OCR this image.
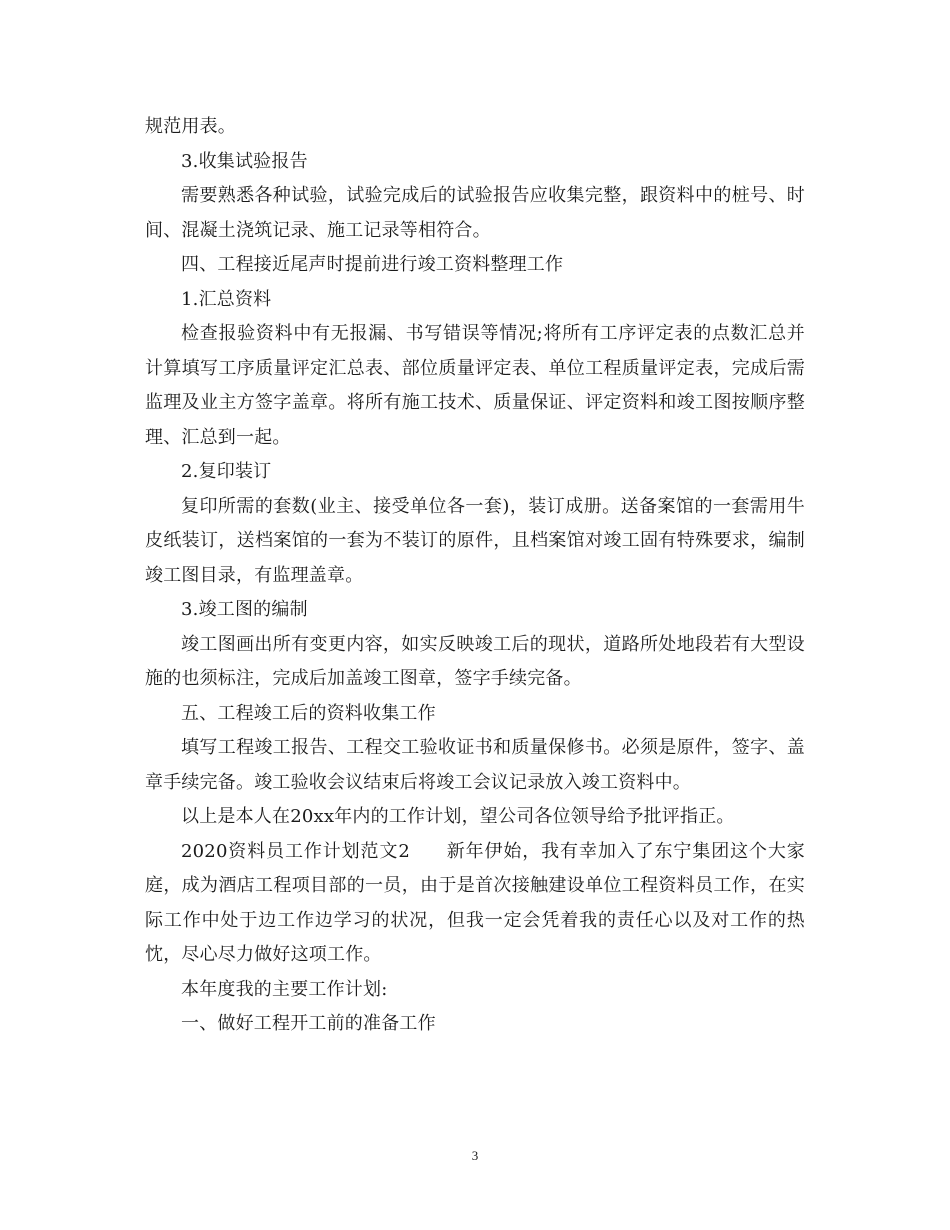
规范用表。

3.收集试验报告

需要熟悉各种试验，试验完成后的试验报告应收集完整，跟资料中的桩号、时间、混凝土浇筑记录、施工记录等相符合。

四、工程接近尾声时提前进行竣工资料整理工作

1.汇总资料

检查报验资料中有无报漏、书写错误等情况;将所有工序评定表的点数汇总并计算填写工序质量评定汇总表、部位质量评定表、单位工程质量评定表，完成后需监理及业主方签字盖章。将所有施工技术、质量保证、评定资料和竣工图按顺序整理、汇总到一起。

2.复印装订

复印所需的套数(业主、接受单位各一套)，装订成册。送备案馆的一套需用牛皮纸装订，送档案馆的一套为不装订的原件，且档案馆对竣工固有特殊要求，编制竣工图目录，有监理盖章。

3.竣工图的编制

竣工图画出所有变更内容，如实反映竣工后的现状，道路所处地段若有大型设施的也须标注，完成后加盖竣工图章，签字手续完备。

五、工程竣工后的资料收集工作

填写工程竣工报告、工程交工验收证书和质量保修书。必须是原件，签字、盖章手续完备。竣工验收会议结束后将竣工会议记录放入竣工资料中。

以上是本人在20xx年内的工作计划，望公司各位领导给予批评指正。

2020资料员工作计划范文2 新年伊始，我有幸加入了东宁集团这个大家庭，成为酒店工程项目部的一员，由于是首次接触建设单位工程资料员工作，在实际工作中处于边工作边学习的状况，但我一定会凭着我的责任心以及对工作的热忱，尽心尽力做好这项工作。

本年度我的主要工作计划:

一、做好工程开工前的准备工作

3
